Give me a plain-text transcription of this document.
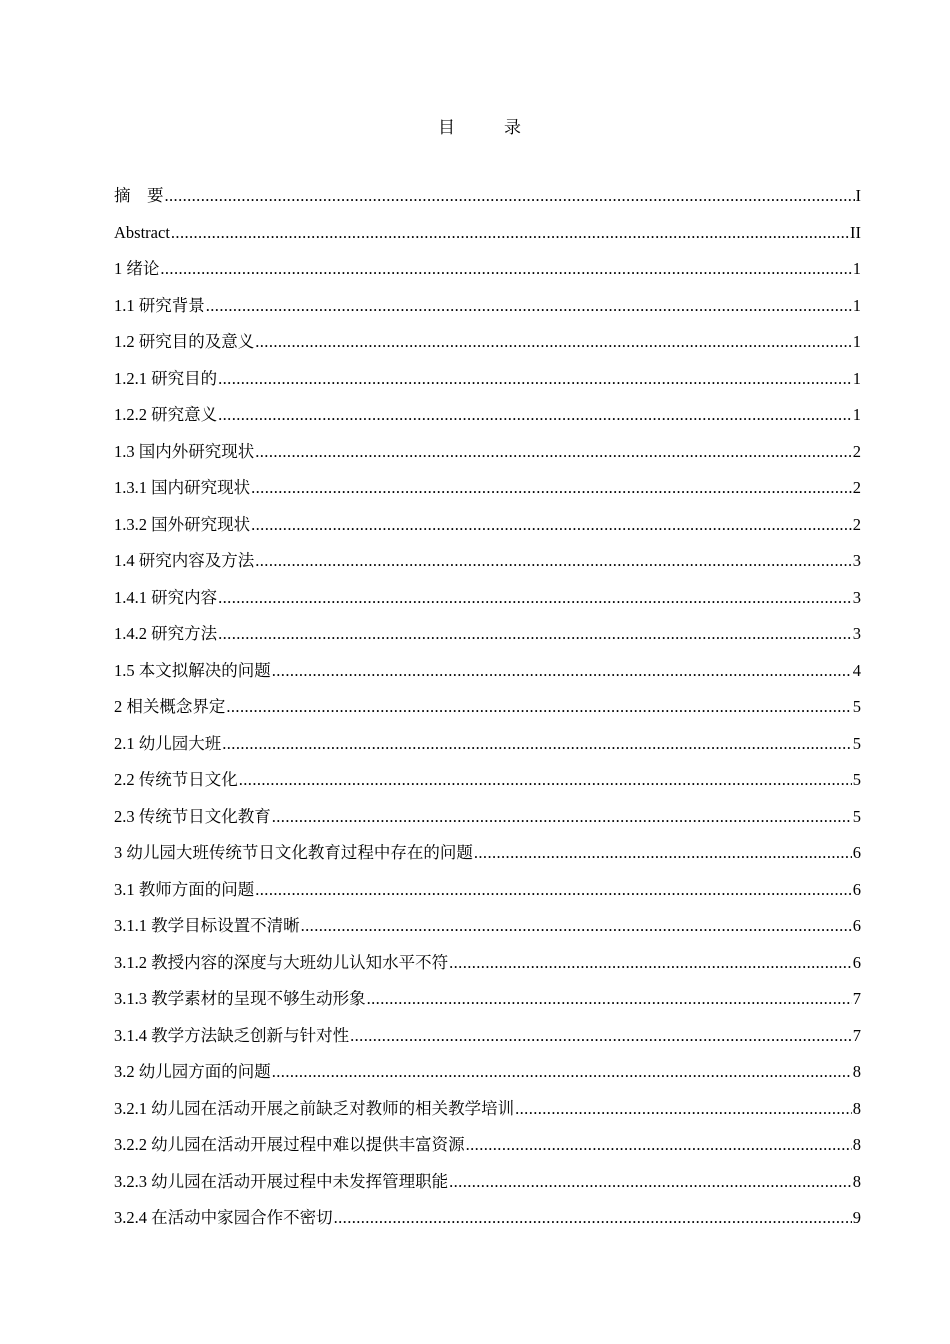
目　录
摘　要 .....	I
Abstract .....	II
1 绪论 .....	1
1.1 研究背景 .....	1
1.2 研究目的及意义 .....	1
1.2.1 研究目的 .....	1
1.2.2 研究意义 .....	1
1.3 国内外研究现状 .....	2
1.3.1 国内研究现状 .....	2
1.3.2 国外研究现状 .....	2
1.4 研究内容及方法 .....	3
1.4.1 研究内容 .....	3
1.4.2 研究方法 .....	3
1.5 本文拟解决的问题 .....	4
2 相关概念界定 .....	5
2.1 幼儿园大班 .....	5
2.2 传统节日文化 .....	5
2.3 传统节日文化教育 .....	5
3 幼儿园大班传统节日文化教育过程中存在的问题 .....	6
3.1 教师方面的问题 .....	6
3.1.1 教学目标设置不清晰 .....	6
3.1.2 教授内容的深度与大班幼儿认知水平不符 .....	6
3.1.3 教学素材的呈现不够生动形象 .....	7
3.1.4 教学方法缺乏创新与针对性 .....	7
3.2 幼儿园方面的问题 .....	8
3.2.1 幼儿园在活动开展之前缺乏对教师的相关教学培训 .....	8
3.2.2 幼儿园在活动开展过程中难以提供丰富资源 .....	8
3.2.3 幼儿园在活动开展过程中未发挥管理职能 .....	8
3.2.4 在活动中家园合作不密切 .....	9
